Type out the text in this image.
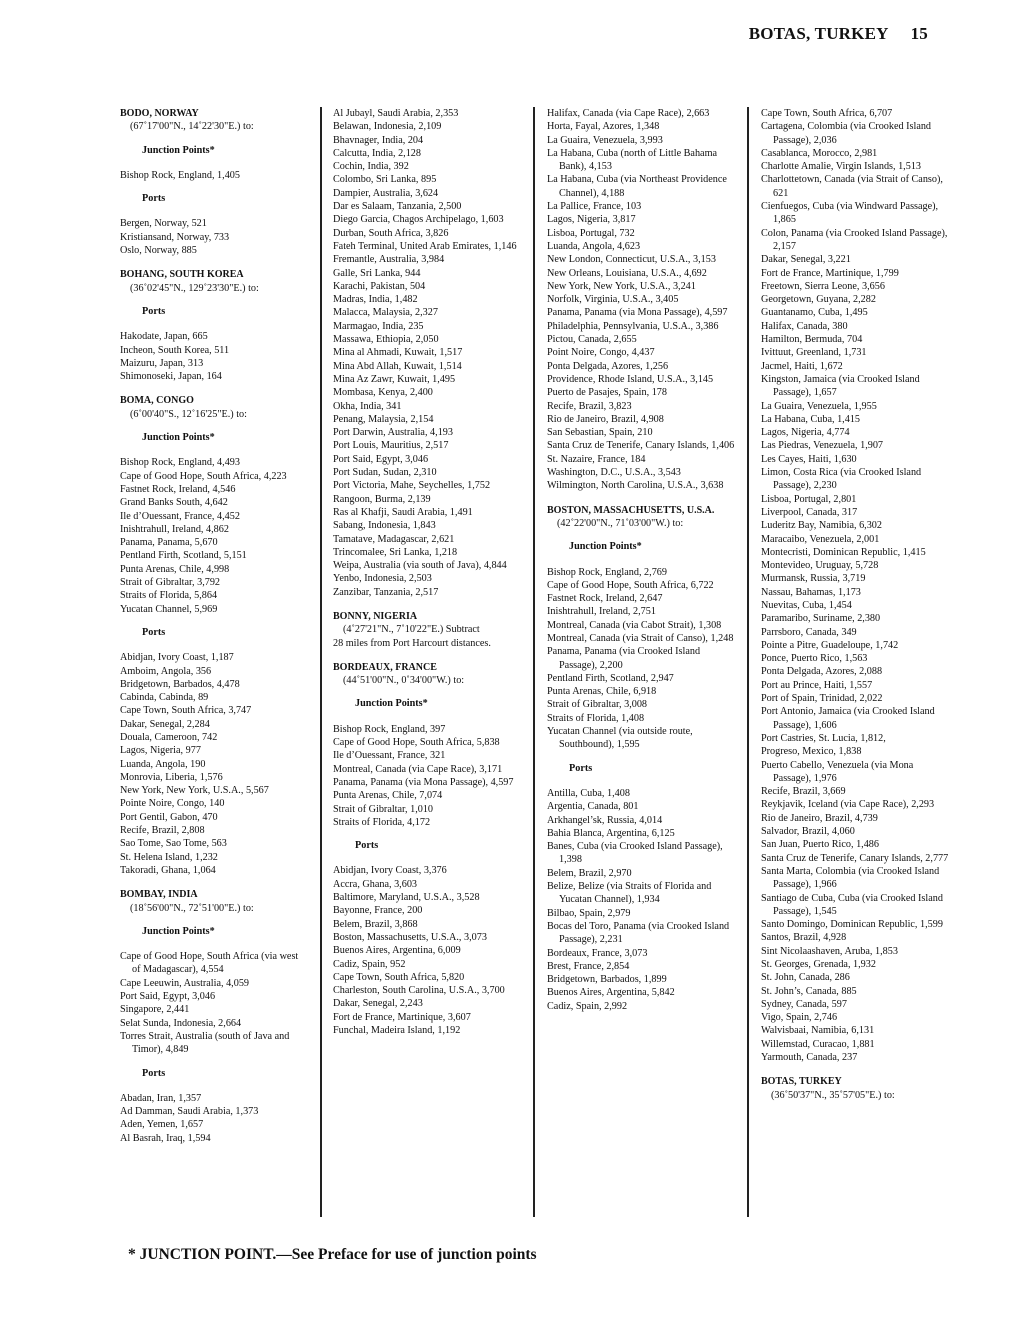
BOTAS, TURKEY 15
BODO, NORWAY
(67˚17'00"N., 14˚22'30"E.) to:
Junction Points*
Bishop Rock, England, 1,405
Ports
Bergen, Norway, 521
Kristiansand, Norway, 733
Oslo, Norway, 885
BOHANG, SOUTH KOREA
(36˚02'45"N., 129˚23'30"E.) to:
Ports
Hakodate, Japan, 665
Incheon, South Korea, 511
Maizuru, Japan, 313
Shimonoseki, Japan, 164
BOMA, CONGO
(6˚00'40"S., 12˚16'25"E.) to:
Junction Points*
Bishop Rock, England, 4,493
Cape of Good Hope, South Africa, 4,223
Fastnet Rock, Ireland, 4,546
Grand Banks South, 4,642
Ile d’Ouessant, France, 4,452
Inishtrahull, Ireland, 4,862
Panama, Panama, 5,670
Pentland Firth, Scotland, 5,151
Punta Arenas, Chile, 4,998
Strait of Gibraltar, 3,792
Straits of Florida, 5,864
Yucatan Channel, 5,969
Ports
Abidjan, Ivory Coast, 1,187
Amboim, Angola, 356
Bridgetown, Barbados, 4,478
Cabinda, Cabinda, 89
Cape Town, South Africa, 3,747
Dakar, Senegal, 2,284
Douala, Cameroon, 742
Lagos, Nigeria, 977
Luanda, Angola, 190
Monrovia, Liberia, 1,576
New York, New York, U.S.A., 5,567
Pointe Noire, Congo, 140
Port Gentil, Gabon, 470
Recife, Brazil, 2,808
Sao Tome, Sao Tome, 563
St. Helena Island, 1,232
Takoradi, Ghana, 1,064
BOMBAY, INDIA
(18˚56'00"N., 72˚51'00"E.) to:
Junction Points*
Cape of Good Hope, South Africa (via west of Madagascar), 4,554
Cape Leeuwin, Australia, 4,059
Port Said, Egypt, 3,046
Singapore, 2,441
Selat Sunda, Indonesia, 2,664
Torres Strait, Australia (south of Java and Timor), 4,849
Ports
Abadan, Iran, 1,357
Ad Damman, Saudi Arabia, 1,373
Aden, Yemen, 1,657
Al Basrah, Iraq, 1,594
Al Jubayl, Saudi Arabia, 2,353
Belawan, Indonesia, 2,109
Bhavnager, India, 204
Calcutta, India, 2,128
Cochin, India, 392
Colombo, Sri Lanka, 895
Dampier, Australia, 3,624
Dar es Salaam, Tanzania, 2,500
Diego Garcia, Chagos Archipelago, 1,603
Durban, South Africa, 3,826
Fateh Terminal, United Arab Emirates, 1,146
Fremantle, Australia, 3,984
Galle, Sri Lanka, 944
Karachi, Pakistan, 504
Madras, India, 1,482
Malacca, Malaysia, 2,327
Marmagao, India, 235
Massawa, Ethiopia, 2,050
Mina al Ahmadi, Kuwait, 1,517
Mina Abd Allah, Kuwait, 1,514
Mina Az Zawr, Kuwait, 1,495
Mombasa, Kenya, 2,400
Okha, India, 341
Penang, Malaysia, 2,154
Port Darwin, Australia, 4,193
Port Louis, Mauritius, 2,517
Port Said, Egypt, 3,046
Port Sudan, Sudan, 2,310
Port Victoria, Mahe, Seychelles, 1,752
Rangoon, Burma, 2,139
Ras al Khafji, Saudi Arabia, 1,491
Sabang, Indonesia, 1,843
Tamatave, Madagascar, 2,621
Trincomalee, Sri Lanka, 1,218
Weipa, Australia (via south of Java), 4,844
Yenbo, Indonesia, 2,503
Zanzibar, Tanzania, 2,517
BONNY, NIGERIA
(4˚27'21"N., 7˚10'22"E.) Subtract
28 miles from Port Harcourt distances.
BORDEAUX, FRANCE
(44˚51'00"N., 0˚34'00"W.) to:
Junction Points*
Bishop Rock, England, 397
Cape of Good Hope, South Africa, 5,838
Ile d’Ouessant, France, 321
Montreal, Canada (via Cape Race), 3,171
Panama, Panama (via Mona Passage), 4,597
Punta Arenas, Chile, 7,074
Strait of Gibraltar, 1,010
Straits of Florida, 4,172
Ports
Abidjan, Ivory Coast, 3,376
Accra, Ghana, 3,603
Baltimore, Maryland, U.S.A., 3,528
Bayonne, France, 200
Belem, Brazil, 3,868
Boston, Massachusetts, U.S.A., 3,073
Buenos Aires, Argentina, 6,009
Cadiz, Spain, 952
Cape Town, South Africa, 5,820
Charleston, South Carolina, U.S.A., 3,700
Dakar, Senegal, 2,243
Fort de France, Martinique, 3,607
Funchal, Madeira Island, 1,192
Halifax, Canada (via Cape Race), 2,663
Horta, Fayal, Azores, 1,348
La Guaira, Venezuela, 3,993
La Habana, Cuba (north of Little Bahama Bank), 4,153
La Habana, Cuba (via Northeast Providence Channel), 4,188
La Pallice, France, 103
Lagos, Nigeria, 3,817
Lisboa, Portugal, 732
Luanda, Angola, 4,623
New London, Connecticut, U.S.A., 3,153
New Orleans, Louisiana, U.S.A., 4,692
New York, New York, U.S.A., 3,241
Norfolk, Virginia, U.S.A., 3,405
Panama, Panama (via Mona Passage), 4,597
Philadelphia, Pennsylvania, U.S.A., 3,386
Pictou, Canada, 2,655
Point Noire, Congo, 4,437
Ponta Delgada, Azores, 1,256
Providence, Rhode Island, U.S.A., 3,145
Puerto de Pasajes, Spain, 178
Recife, Brazil, 3,823
Rio de Janeiro, Brazil, 4,908
San Sebastian, Spain, 210
Santa Cruz de Tenerife, Canary Islands, 1,406
St. Nazaire, France, 184
Washington, D.C., U.S.A., 3,543
Wilmington, North Carolina, U.S.A., 3,638
BOSTON, MASSACHUSETTS, U.S.A.
(42˚22'00"N., 71˚03'00"W.) to:
Junction Points*
Bishop Rock, England, 2,769
Cape of Good Hope, South Africa, 6,722
Fastnet Rock, Ireland, 2,647
Inishtrahull, Ireland, 2,751
Montreal, Canada (via Cabot Strait), 1,308
Montreal, Canada (via Strait of Canso), 1,248
Panama, Panama (via Crooked Island Passage), 2,200
Pentland Firth, Scotland, 2,947
Punta Arenas, Chile, 6,918
Strait of Gibraltar, 3,008
Straits of Florida, 1,408
Yucatan Channel (via outside route, Southbound), 1,595
Ports
Antilla, Cuba, 1,408
Argentia, Canada, 801
Arkhangel’sk, Russia, 4,014
Bahia Blanca, Argentina, 6,125
Banes, Cuba (via Crooked Island Passage), 1,398
Belem, Brazil, 2,970
Belize, Belize (via Straits of Florida and Yucatan Channel), 1,934
Bilbao, Spain, 2,979
Bocas del Toro, Panama (via Crooked Island Passage), 2,231
Bordeaux, France, 3,073
Brest, France, 2,854
Bridgetown, Barbados, 1,899
Buenos Aires, Argentina, 5,842
Cadiz, Spain, 2,992
Cape Town, South Africa, 6,707
Cartagena, Colombia (via Crooked Island Passage), 2,036
Casablanca, Morocco, 2,981
Charlotte Amalie, Virgin Islands, 1,513
Charlottetown, Canada (via Strait of Canso), 621
Cienfuegos, Cuba (via Windward Passage), 1,865
Colon, Panama (via Crooked Island Passage), 2,157
Dakar, Senegal, 3,221
Fort de France, Martinique, 1,799
Freetown, Sierra Leone, 3,656
Georgetown, Guyana, 2,282
Guantanamo, Cuba, 1,495
Halifax, Canada, 380
Hamilton, Bermuda, 704
Ivittuut, Greenland, 1,731
Jacmel, Haiti, 1,672
Kingston, Jamaica (via Crooked Island Passage), 1,657
La Guaira, Venezuela, 1,955
La Habana, Cuba, 1,415
Lagos, Nigeria, 4,774
Las Piedras, Venezuela, 1,907
Les Cayes, Haiti, 1,630
Limon, Costa Rica (via Crooked Island Passage), 2,230
Lisboa, Portugal, 2,801
Liverpool, Canada, 317
Luderitz Bay, Namibia, 6,302
Maracaibo, Venezuela, 2,001
Montecristi, Dominican Republic, 1,415
Montevideo, Uruguay, 5,728
Murmansk, Russia, 3,719
Nassau, Bahamas, 1,173
Nuevitas, Cuba, 1,454
Paramaribo, Suriname, 2,380
Parrsboro, Canada, 349
Pointe a Pitre, Guadeloupe, 1,742
Ponce, Puerto Rico, 1,563
Ponta Delgada, Azores, 2,088
Port au Prince, Haiti, 1,557
Port of Spain, Trinidad, 2,022
Port Antonio, Jamaica (via Crooked Island Passage), 1,606
Port Castries, St. Lucia, 1,812,
Progreso, Mexico, 1,838
Puerto Cabello, Venezuela (via Mona Passage), 1,976
Recife, Brazil, 3,669
Reykjavik, Iceland (via Cape Race), 2,293
Rio de Janeiro, Brazil, 4,739
Salvador, Brazil, 4,060
San Juan, Puerto Rico, 1,486
Santa Cruz de Tenerife, Canary Islands, 2,777
Santa Marta, Colombia (via Crooked Island Passage), 1,966
Santiago de Cuba, Cuba (via Crooked Island Passage), 1,545
Santo Domingo, Dominican Republic, 1,599
Santos, Brazil, 4,928
Sint Nicolaashaven, Aruba, 1,853
St. Georges, Grenada, 1,932
St. John, Canada, 286
St. John’s, Canada, 885
Sydney, Canada, 597
Vigo, Spain, 2,746
Walvisbaai, Namibia, 6,131
Willemstad, Curacao, 1,881
Yarmouth, Canada, 237
BOTAS, TURKEY
(36˚50'37"N., 35˚57'05"E.) to:
* JUNCTION POINT.—See Preface for use of junction points
